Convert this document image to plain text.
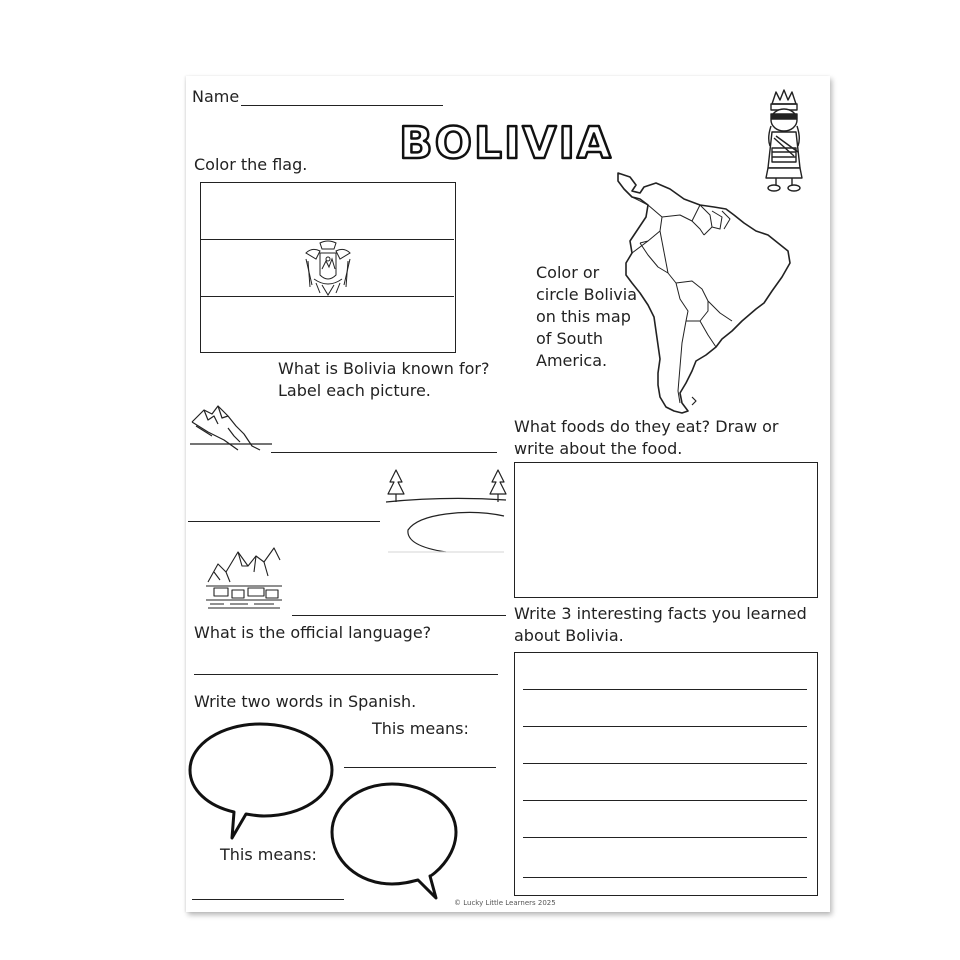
Name
BOLIVIA
Color the flag.
Color or
circle Bolivia
on this map
of South
America.
What is Bolivia known for?
Label each picture.
What foods do they eat? Draw or
write about the food.
Write 3 interesting facts you learned
about Bolivia.
What is the official language?
Write two words in Spanish.
This means:
This means:
© Lucky Little Learners 2025
